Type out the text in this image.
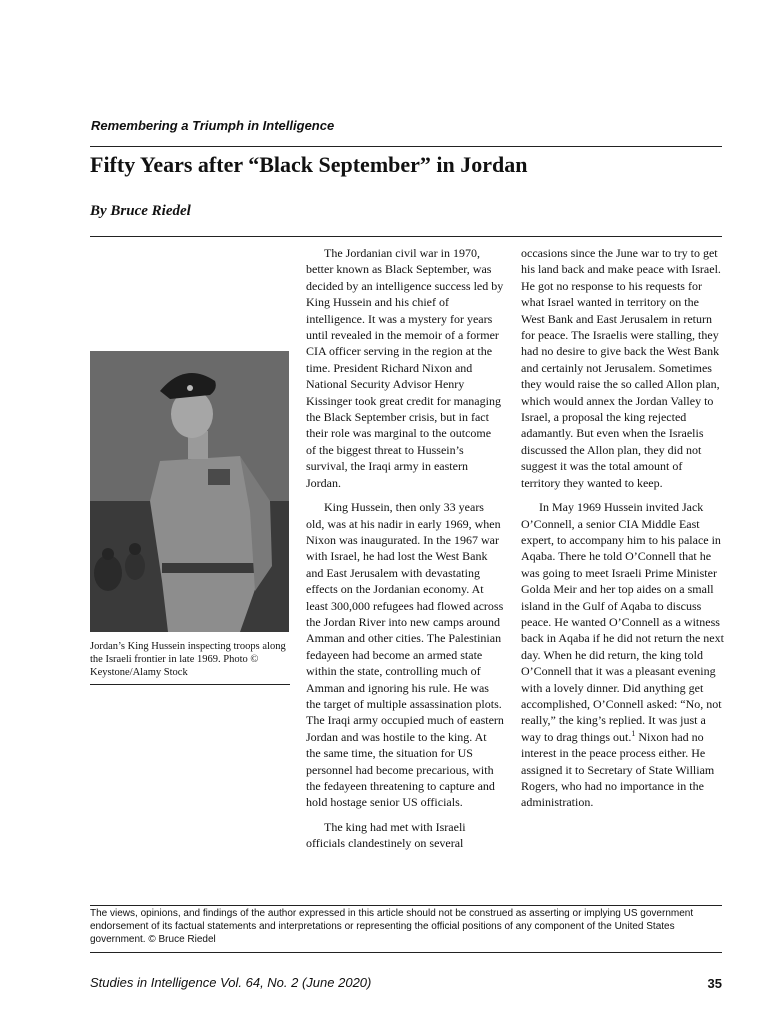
Remembering a Triumph in Intelligence
Fifty Years after “Black September” in Jordan
By Bruce Riedel
Jordan’s King Hussein inspecting troops along the Israeli frontier in late 1969. Photo © Keystone/Alamy Stock

The Jordanian civil war in 1970, better known as Black September, was decided by an intelligence success led by King Hussein and his chief of intelligence. It was a mystery for years until revealed in the memoir of a former CIA officer serving in the region at the time. President Richard Nixon and National Security Advisor Henry Kissinger took great credit for managing the Black September crisis, but in fact their role was marginal to the outcome of the biggest threat to Hussein’s survival, the Iraqi army in eastern Jordan.

King Hussein, then only 33 years old, was at his nadir in early 1969, when Nixon was inaugurated. In the 1967 war with Israel, he had lost the West Bank and East Jerusalem with devastating effects on the Jordanian economy. At least 300,000 refugees had flowed across the Jordan River into new camps around Amman and other cities. The Palestinian fedayeen had become an armed state within the state, controlling much of Amman and ignoring his rule. He was the target of multiple assassination plots. The Iraqi army occupied much of eastern Jordan and was hostile to the king. At the same time, the situation for US personnel had become precarious, with the fedayeen threatening to capture and hold hostage senior US officials.

The king had met with Israeli officials clandestinely on several

occasions since the June war to try to get his land back and make peace with Israel. He got no response to his requests for what Israel wanted in territory on the West Bank and East Jerusalem in return for peace. The Israelis were stalling, they had no desire to give back the West Bank and certainly not Jerusalem. Sometimes they would raise the so called Allon plan, which would annex the Jordan Valley to Israel, a proposal the king rejected adamantly. But even when the Israelis discussed the Allon plan, they did not suggest it was the total amount of territory they wanted to keep.

In May 1969 Hussein invited Jack O’Connell, a senior CIA Middle East expert, to accompany him to his palace in Aqaba. There he told O’Connell that he was going to meet Israeli Prime Minister Golda Meir and her top aides on a small island in the Gulf of Aqaba to discuss peace. He wanted O’Connell as a witness back in Aqaba if he did not return the next day. When he did return, the king told O’Connell that it was a pleasant evening with a lovely dinner. Did anything get accomplished, O’Connell asked: “No, not really,” the king’s replied. It was just a way to drag things out.$^1$ Nixon had no interest in the peace process either. He assigned it to Secretary of State William Rogers, who had no importance in the administration.

The views, opinions, and findings of the author expressed in this article should not be construed as asserting or implying US government endorsement of its factual statements and interpretations or representing the official positions of any component of the United States government. © Bruce Riedel
Studies in Intelligence Vol. 64, No. 2 (June 2020)	35
